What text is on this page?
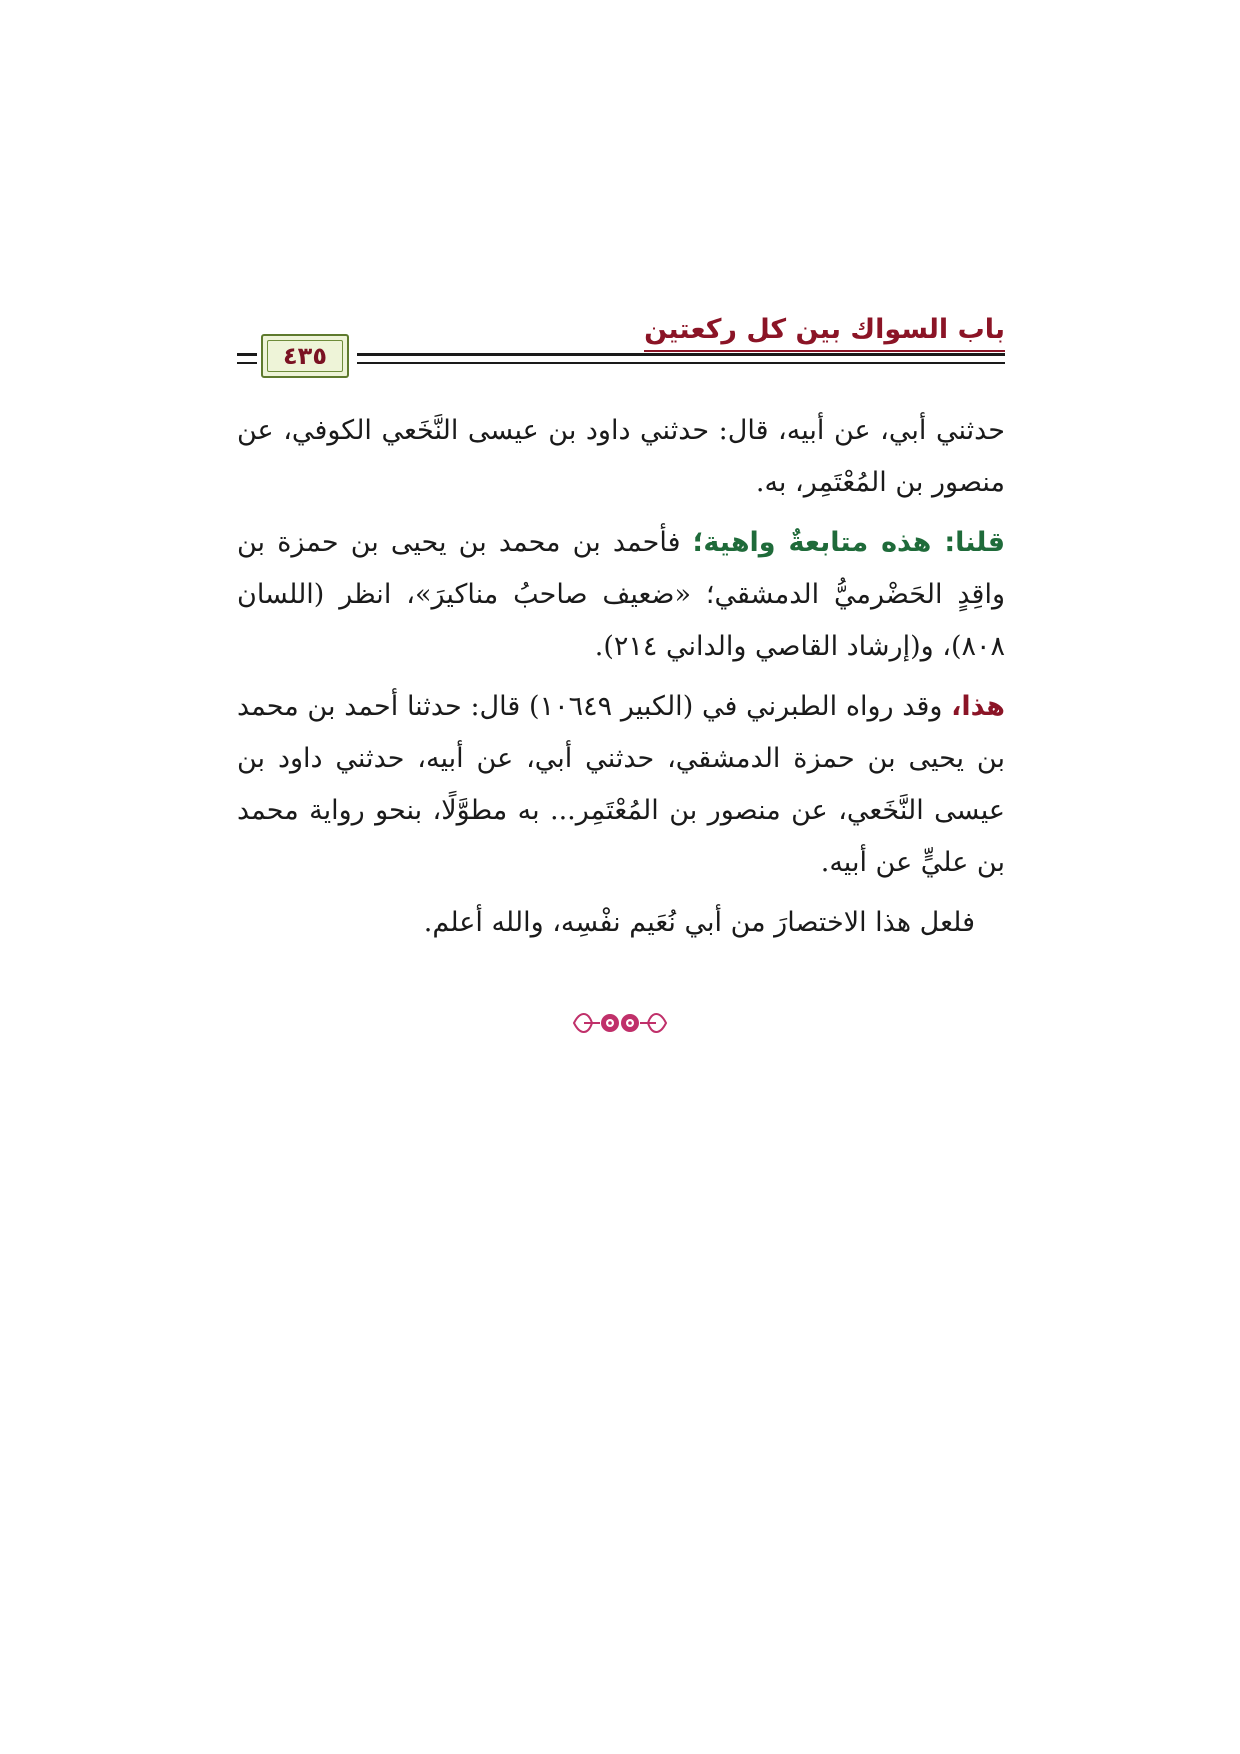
باب السواك بين كل ركعتين
٤٣٥

حدثني أبي، عن أبيه، قال: حدثني داود بن عيسى النَّخَعي الكوفي، عن منصور بن المُعْتَمِر، به.

قلنا: هذه متابعةٌ واهية؛ فأحمد بن محمد بن يحيى بن حمزة بن واقِدٍ الحَضْرميُّ الدمشقي؛ «ضعيف صاحبُ مناكيرَ»، انظر (اللسان ٨٠٨)، و(إرشاد القاصي والداني ٢١٤).

هذا، وقد رواه الطبرني في (الكبير ١٠٦٤٩) قال: حدثنا أحمد بن محمد بن يحيى بن حمزة الدمشقي، حدثني أبي، عن أبيه، حدثني داود بن عيسى النَّخَعي، عن منصور بن المُعْتَمِر... به مطوَّلًا، بنحو رواية محمد بن عليٍّ عن أبيه.

فلعل هذا الاختصارَ من أبي نُعَيم نفْسِه، والله أعلم.
